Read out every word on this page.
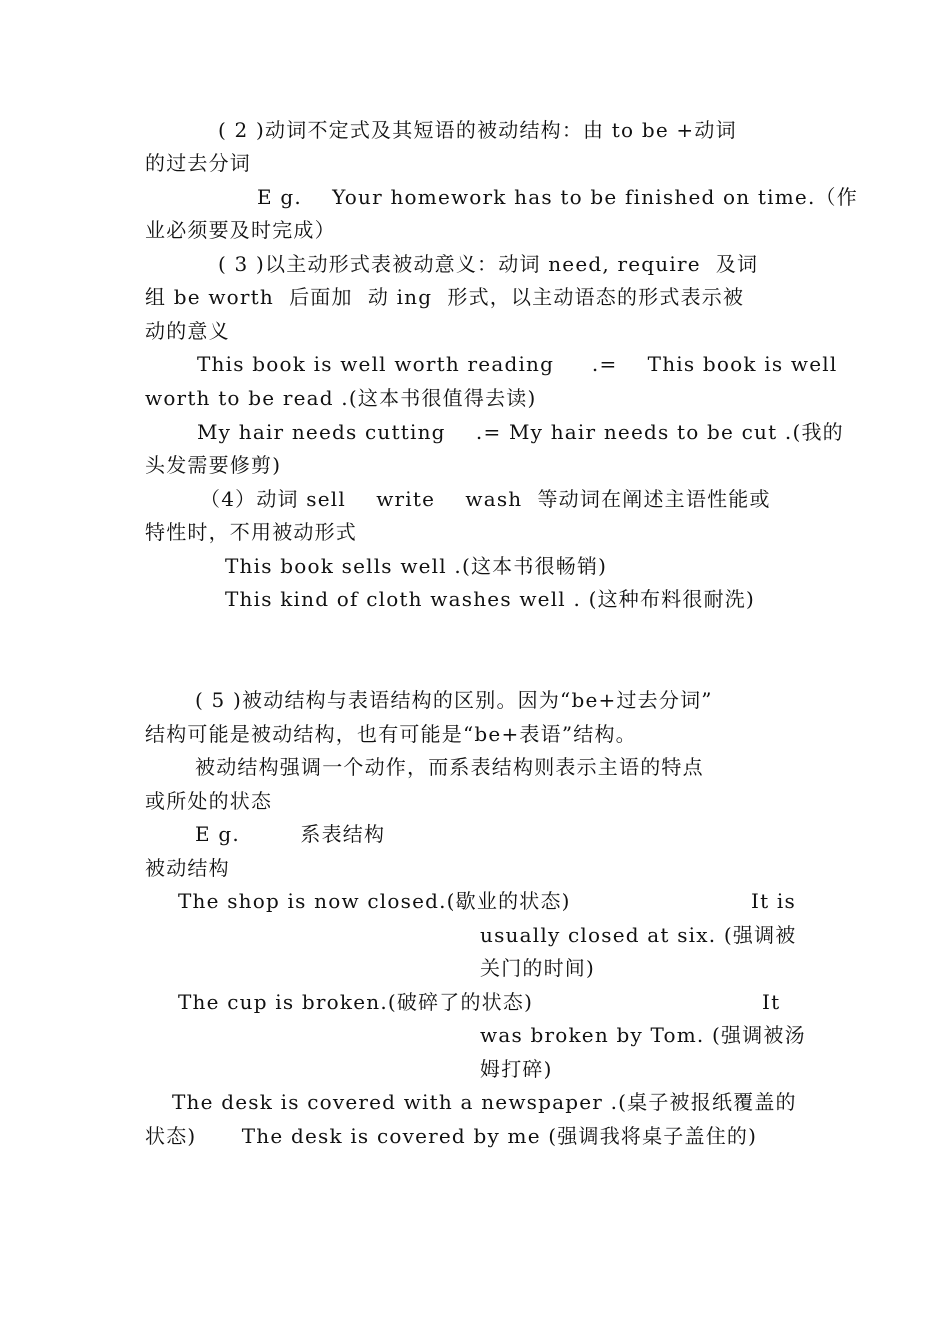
( 2 )动词不定式及其短语的被动结构：由 to be +动词

的过去分词

E g.    Your homework has to be finished on time.（作

业必须要及时完成）

( 3 )以主动形式表被动意义：动词 need, require  及词

组 be worth  后面加  动 ing  形式，以主动语态的形式表示被

动的意义

This book is well worth reading     .=    This book is well

worth to be read .(这本书很值得去读)

My hair needs cutting    .= My hair needs to be cut .(我的

头发需要修剪)

（4）动词 sell    write    wash  等动词在阐述主语性能或

特性时，不用被动形式

This book sells well .(这本书很畅销)

This kind of cloth washes well . (这种布料很耐洗)

( 5 )被动结构与表语结构的区别。因为“be+过去分词”

结构可能是被动结构，也有可能是“be+表语”结构。

被动结构强调一个动作，而系表结构则表示主语的特点

或所处的状态

E g.        系表结构

被动结构

The shop is now closed.(歇业的状态)	It is

usually closed at six. (强调被

关门的时间)

The cup is broken.(破碎了的状态)	It

was broken by Tom. (强调被汤

姆打碎)

The desk is covered with a newspaper .(桌子被报纸覆盖的

状态)      The desk is covered by me (强调我将桌子盖住的)
